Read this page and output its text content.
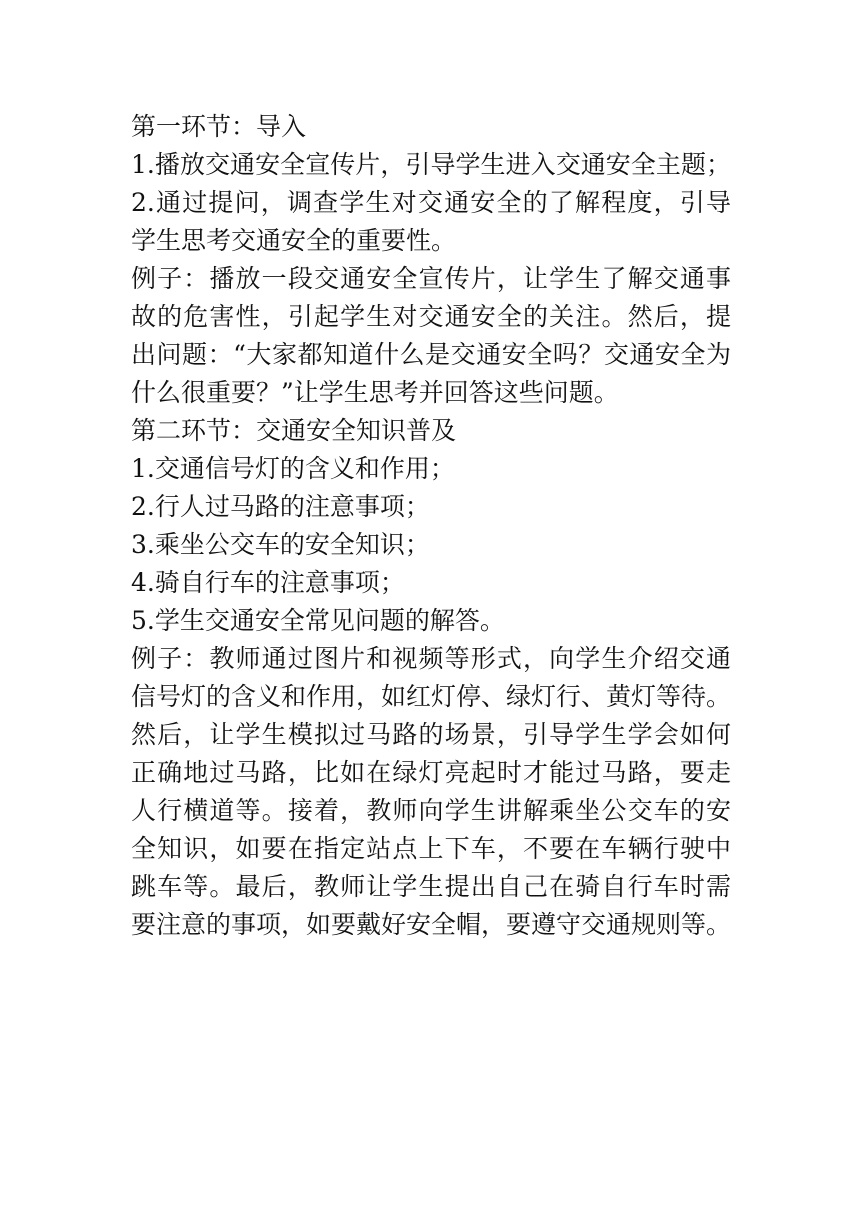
第一环节：导入
1.播放交通安全宣传片，引导学生进入交通安全主题；
2.通过提问，调查学生对交通安全的了解程度，引导
学生思考交通安全的重要性。
例子：播放一段交通安全宣传片，让学生了解交通事
故的危害性，引起学生对交通安全的关注。然后，提
出问题：“大家都知道什么是交通安全吗？交通安全为
什么很重要？”让学生思考并回答这些问题。
第二环节：交通安全知识普及
1.交通信号灯的含义和作用；
2.行人过马路的注意事项；
3.乘坐公交车的安全知识；
4.骑自行车的注意事项；
5.学生交通安全常见问题的解答。
例子：教师通过图片和视频等形式，向学生介绍交通
信号灯的含义和作用，如红灯停、绿灯行、黄灯等待。
然后，让学生模拟过马路的场景，引导学生学会如何
正确地过马路，比如在绿灯亮起时才能过马路，要走
人行横道等。接着，教师向学生讲解乘坐公交车的安
全知识，如要在指定站点上下车，不要在车辆行驶中
跳车等。最后，教师让学生提出自己在骑自行车时需
要注意的事项，如要戴好安全帽，要遵守交通规则等。
